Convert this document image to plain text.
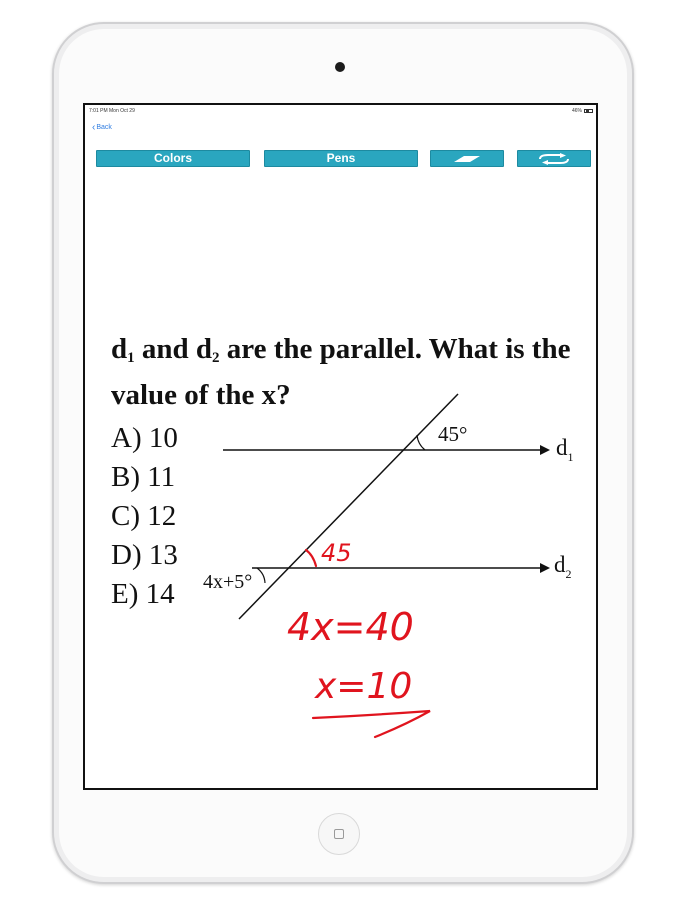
7:01 PM Mon Oct 29	46%
‹Back
Colors	Pens
$d_1$ and $d_2$ are the parallel. What is the value of the x?
A) 10
B) 11
C) 12
D) 13
E) 14
45°
4x+5°
$d_1$
$d_2$
45
4x=40
x=10
